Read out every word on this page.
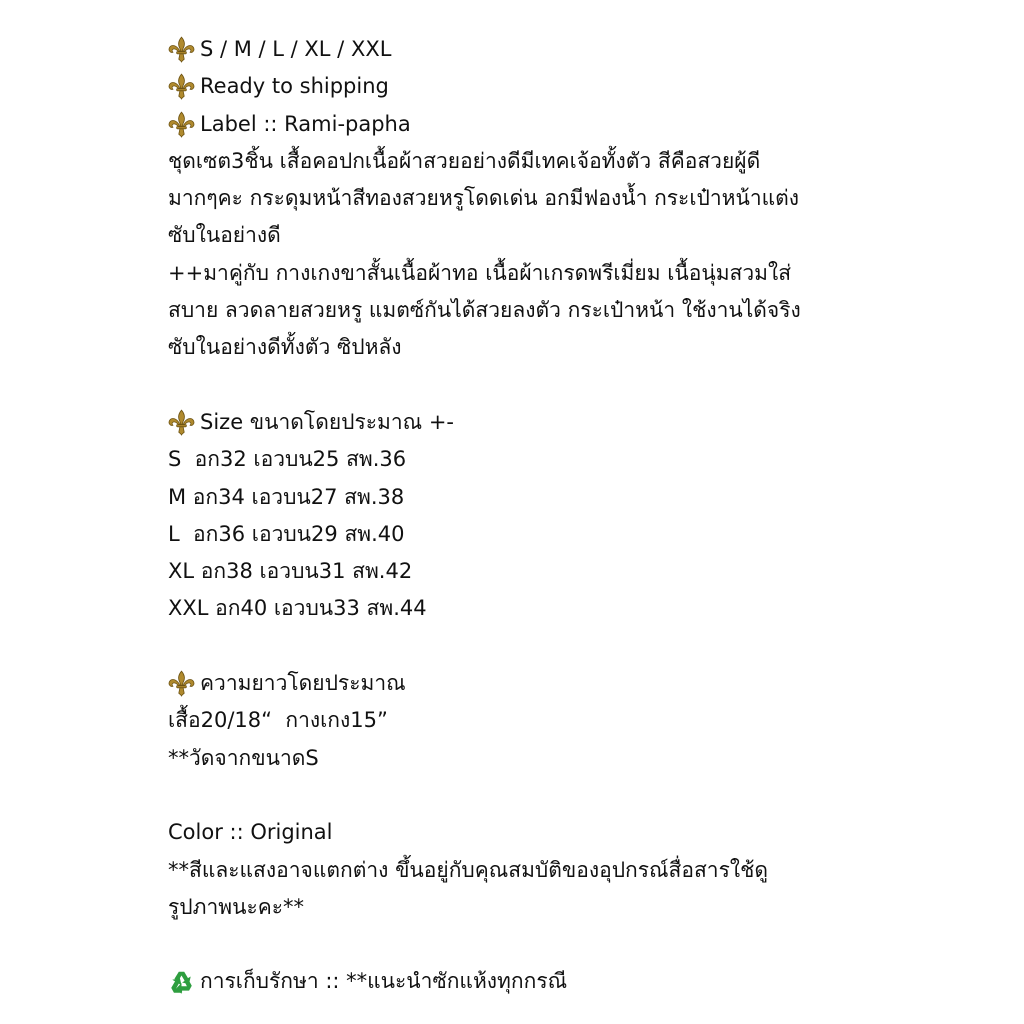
S / M / L / XL / XXL
Ready to shipping
Label :: Rami-papha
ชุดเซต3ชิ้น เสื้อคอปกเนื้อผ้าสวยอย่างดีมีเทคเจ้อทั้งตัว สีคือสวยผู้ดี
มากๆคะ กระดุมหน้าสีทองสวยหรูโดดเด่น อกมีฟองน้ำ กระเป๋าหน้าแต่ง
ซับในอย่างดี
++มาคู่กับ กางเกงขาสั้นเนื้อผ้าทอ เนื้อผ้าเกรดพรีเมี่ยม เนื้อนุ่มสวมใส่
สบาย ลวดลายสวยหรู แมตซ์กันได้สวยลงตัว กระเป๋าหน้า ใช้งานได้จริง
ซับในอย่างดีทั้งตัว ซิปหลัง
Size ขนาดโดยประมาณ +-
S  อก32 เอวบน25 สพ.36
M อก34 เอวบน27 สพ.38
L  อก36 เอวบน29 สพ.40
XL อก38 เอวบน31 สพ.42
XXL อก40 เอวบน33 สพ.44
ความยาวโดยประมาณ
เสื้อ20/18“  กางเกง15”
**วัดจากขนาดS
Color :: Original
**สีและแสงอาจแตกต่าง ขึ้นอยู่กับคุณสมบัติของอุปกรณ์สื่อสารใช้ดู
รูปภาพนะคะ**
การเก็บรักษา :: **แนะนำซักแห้งทุกกรณี
